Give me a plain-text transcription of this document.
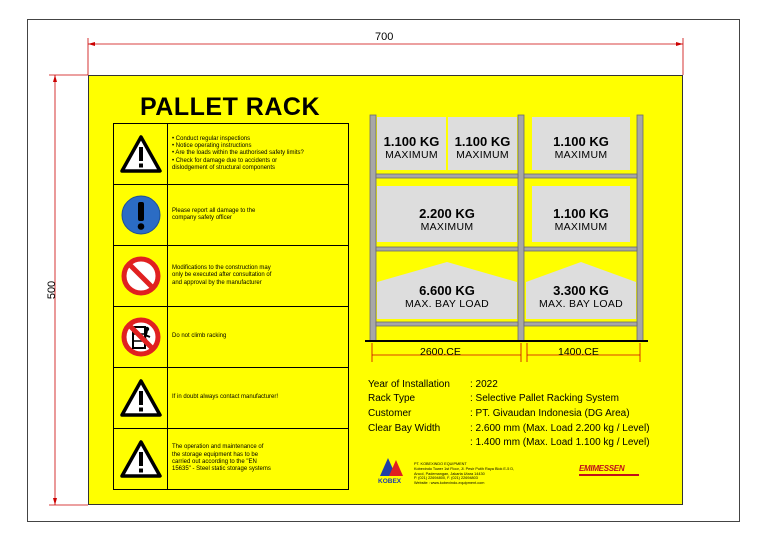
700
500
PALLET RACK
• Conduct regular inspections
• Notice operating instructions
• Are the loads within the authorised safety limits?
• Check for damage due to accidents or
dislodgement of structural components
Please report all damage to the
company safety officer
Modifications to the construction may
only be executed after consultation of
and approval by the manufacturer
Do not climb racking
If in doubt always contact manufacturer!
The operation and maintenance of
the storage equipment has to be
carried out according to the "EN
15635" - Steel static storage systems
1.100 KG
MAXIMUM
1.100 KG
MAXIMUM
1.100 KG
MAXIMUM
2.200 KG
MAXIMUM
1.100 KG
MAXIMUM
6.600 KG
MAX. BAY LOAD
3.300 KG
MAX. BAY LOAD
2600.CE	1400.CE
Year of Installation : 2022
Rack Type	: Selective Pallet Racking System
Customer	: PT. Givaudan Indonesia (DG Area)
Clear Bay Width	: 2.600 mm (Max. Load 2.200 kg / Level)
: 1.400 mm (Max. Load 1.100 kg / Level)
KOBEX
PT. KOBEXINDO EQUIPMENT
Kobexindo Tower 1st Floor, Jl. Pesir Putih Raya Blok E-5 D,
Ancol, Pademangan, Jakarta Utara 14430
P. (021) 22694800, F. (021) 22694803
Website : www.kobexindo-equipment.com
EMIMESSEN
